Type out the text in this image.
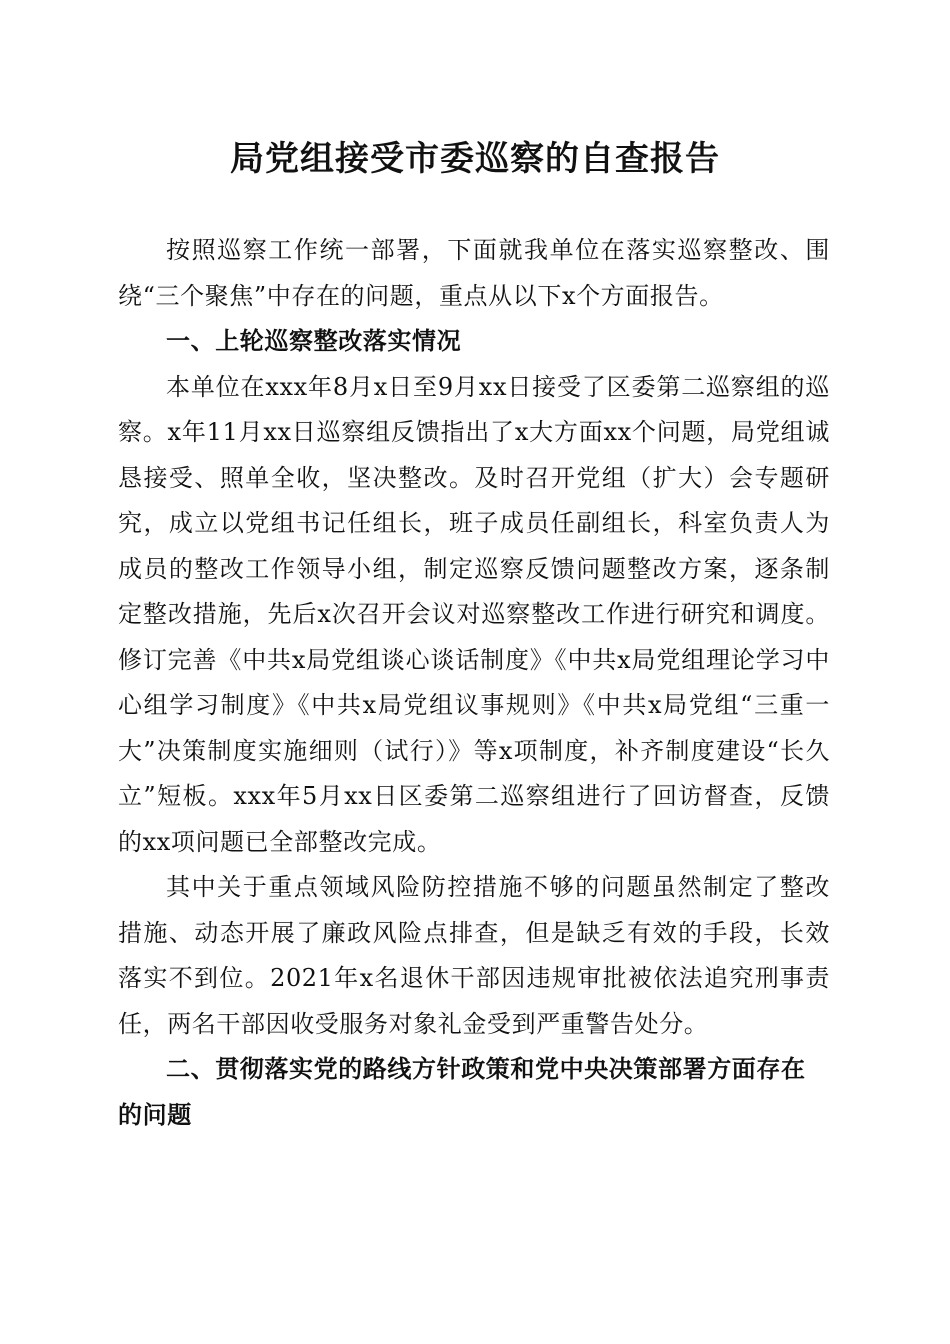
局党组接受市委巡察的自查报告

按照巡察工作统一部署，下面就我单位在落实巡察整改、围绕“三个聚焦”中存在的问题，重点从以下x个方面报告。

一、上轮巡察整改落实情况

本单位在xxx年8月x日至9月xx日接受了区委第二巡察组的巡察。x年11月xx日巡察组反馈指出了x大方面xx个问题，局党组诚恳接受、照单全收，坚决整改。及时召开党组（扩大）会专题研究，成立以党组书记任组长，班子成员任副组长，科室负责人为成员的整改工作领导小组，制定巡察反馈问题整改方案，逐条制定整改措施，先后x次召开会议对巡察整改工作进行研究和调度。修订完善《中共x局党组谈心谈话制度》《中共x局党组理论学习中心组学习制度》《中共x局党组议事规则》《中共x局党组“三重一大”决策制度实施细则（试行）》等x项制度，补齐制度建设“长久立”短板。xxx年5月xx日区委第二巡察组进行了回访督查，反馈的xx项问题已全部整改完成。

其中关于重点领域风险防控措施不够的问题虽然制定了整改措施、动态开展了廉政风险点排查，但是缺乏有效的手段，长效落实不到位。2021年x名退休干部因违规审批被依法追究刑事责任，两名干部因收受服务对象礼金受到严重警告处分。

二、贯彻落实党的路线方针政策和党中央决策部署方面存在的问题
